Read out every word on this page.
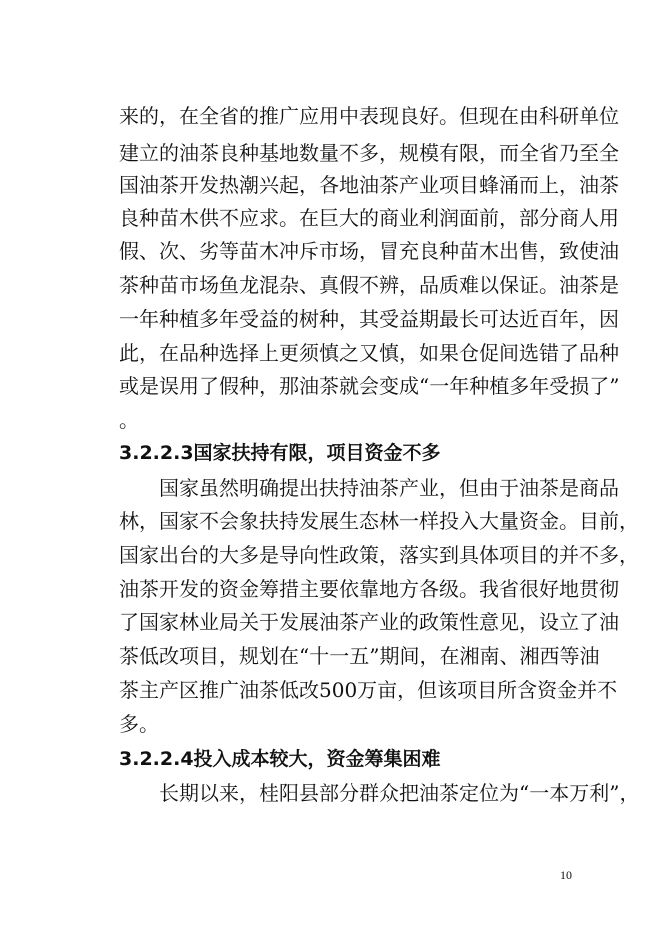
来的，在全省的推广应用中表现良好。但现在由科研单位
建立的油茶良种基地数量不多，规模有限，而全省乃至全
国油茶开发热潮兴起，各地油茶产业项目蜂涌而上，油茶
良种苗木供不应求。在巨大的商业利润面前，部分商人用
假、次、劣等苗木冲斥市场，冒充良种苗木出售，致使油
茶种苗市场鱼龙混杂、真假不辨，品质难以保证。油茶是
一年种植多年受益的树种，其受益期最长可达近百年，因
此，在品种选择上更须慎之又慎，如果仓促间选错了品种
或是误用了假种，那油茶就会变成“一年种植多年受损了”
。
3.2.2.3国家扶持有限，项目资金不多
国家虽然明确提出扶持油茶产业，但由于油茶是商品
林，国家不会象扶持发展生态林一样投入大量资金。目前，
国家出台的大多是导向性政策，落实到具体项目的并不多，
油茶开发的资金筹措主要依靠地方各级。我省很好地贯彻
了国家林业局关于发展油茶产业的政策性意见，设立了油
茶低改项目，规划在“十一五”期间，在湘南、湘西等油
茶主产区推广油茶低改500万亩，但该项目所含资金并不
多。
3.2.2.4投入成本较大，资金筹集困难
长期以来，桂阳县部分群众把油茶定位为“一本万利”，
10
